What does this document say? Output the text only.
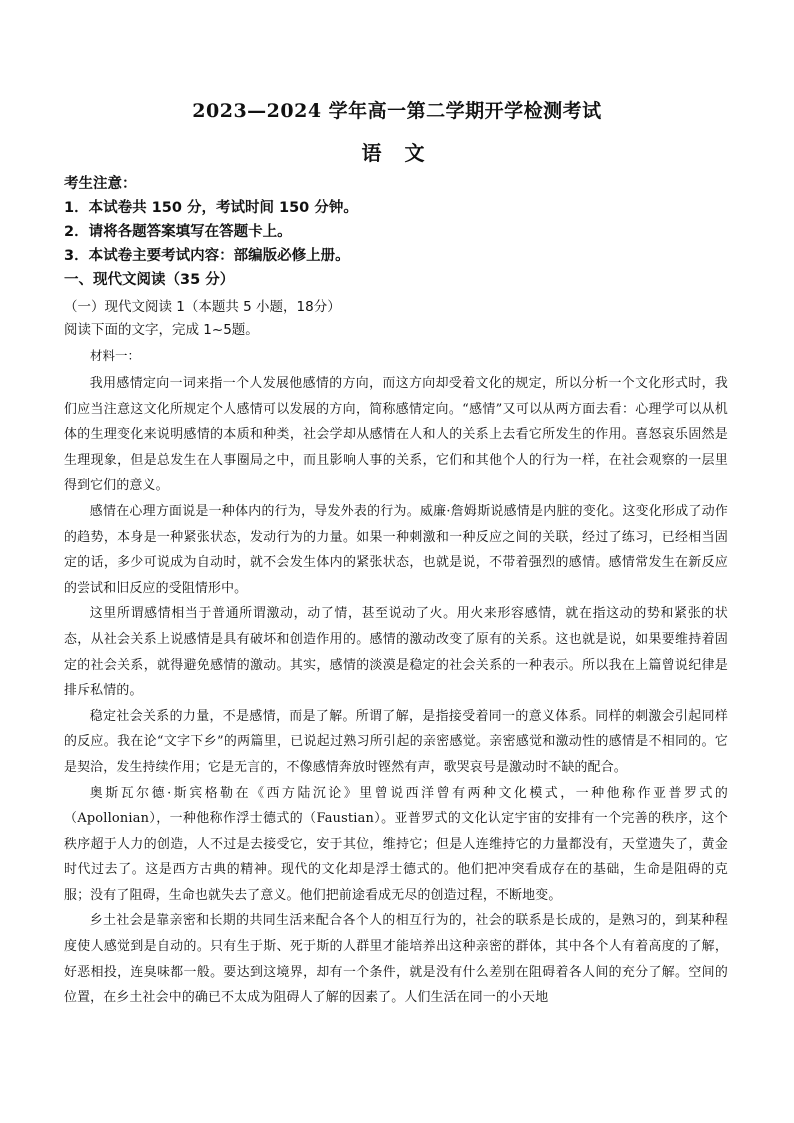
2023—2024 学年高一第二学期开学检测考试
语 文
考生注意：
1．本试卷共 150 分，考试时间 150 分钟。
2．请将各题答案填写在答题卡上。
3．本试卷主要考试内容：部编版必修上册。
一、现代文阅读（35 分）
（一）现代文阅读 1（本题共 5 小题，18分）
阅读下面的文字，完成 1~5题。
材料一：

我用感情定向一词来指一个人发展他感情的方向，而这方向却受着文化的规定，所以分析一个文化形式时，我们应当注意这文化所规定个人感情可以发展的方向，简称感情定向。“感情”又可以从两方面去看：心理学可以从机体的生理变化来说明感情的本质和种类，社会学却从感情在人和人的关系上去看它所发生的作用。喜怒哀乐固然是生理现象，但是总发生在人事圈局之中，而且影响人事的关系，它们和其他个人的行为一样，在社会观察的一层里得到它们的意义。

感情在心理方面说是一种体内的行为，导发外表的行为。威廉·詹姆斯说感情是内脏的变化。这变化形成了动作的趋势，本身是一种紧张状态，发动行为的力量。如果一种刺激和一种反应之间的关联，经过了练习，已经相当固定的话，多少可说成为自动时，就不会发生体内的紧张状态，也就是说，不带着强烈的感情。感情常发生在新反应的尝试和旧反应的受阻情形中。

这里所谓感情相当于普通所谓激动，动了情，甚至说动了火。用火来形容感情，就在指这动的势和紧张的状态，从社会关系上说感情是具有破坏和创造作用的。感情的激动改变了原有的关系。这也就是说，如果要维持着固定的社会关系，就得避免感情的激动。其实，感情的淡漠是稳定的社会关系的一种表示。所以我在上篇曾说纪律是排斥私情的。

稳定社会关系的力量，不是感情，而是了解。所谓了解，是指接受着同一的意义体系。同样的刺激会引起同样的反应。我在论“文字下乡”的两篇里，已说起过熟习所引起的亲密感觉。亲密感觉和激动性的感情是不相同的。它是契洽，发生持续作用；它是无言的，不像感情奔放时铿然有声，歌哭哀号是激动时不缺的配合。

奥斯瓦尔德·斯宾格勒在《西方陆沉论》里曾说西洋曾有两种文化模式，一种他称作亚普罗式的（Apollonian），一种他称作浮士德式的（Faustian）。亚普罗式的文化认定宇宙的安排有一个完善的秩序，这个秩序超于人力的创造，人不过是去接受它，安于其位，维持它；但是人连维持它的力量都没有，天堂遗失了，黄金时代过去了。这是西方古典的精神。现代的文化却是浮士德式的。他们把冲突看成存在的基础，生命是阻碍的克服；没有了阻碍，生命也就失去了意义。他们把前途看成无尽的创造过程，不断地变。

乡土社会是靠亲密和长期的共同生活来配合各个人的相互行为的，社会的联系是长成的，是熟习的，到某种程度使人感觉到是自动的。只有生于斯、死于斯的人群里才能培养出这种亲密的群体，其中各个人有着高度的了解，好恶相投，连臭味都一般。要达到这境界，却有一个条件，就是没有什么差别在阻碍着各人间的充分了解。空间的位置，在乡土社会中的确已不太成为阻碍人了解的因素了。人们生活在同一的小天地
